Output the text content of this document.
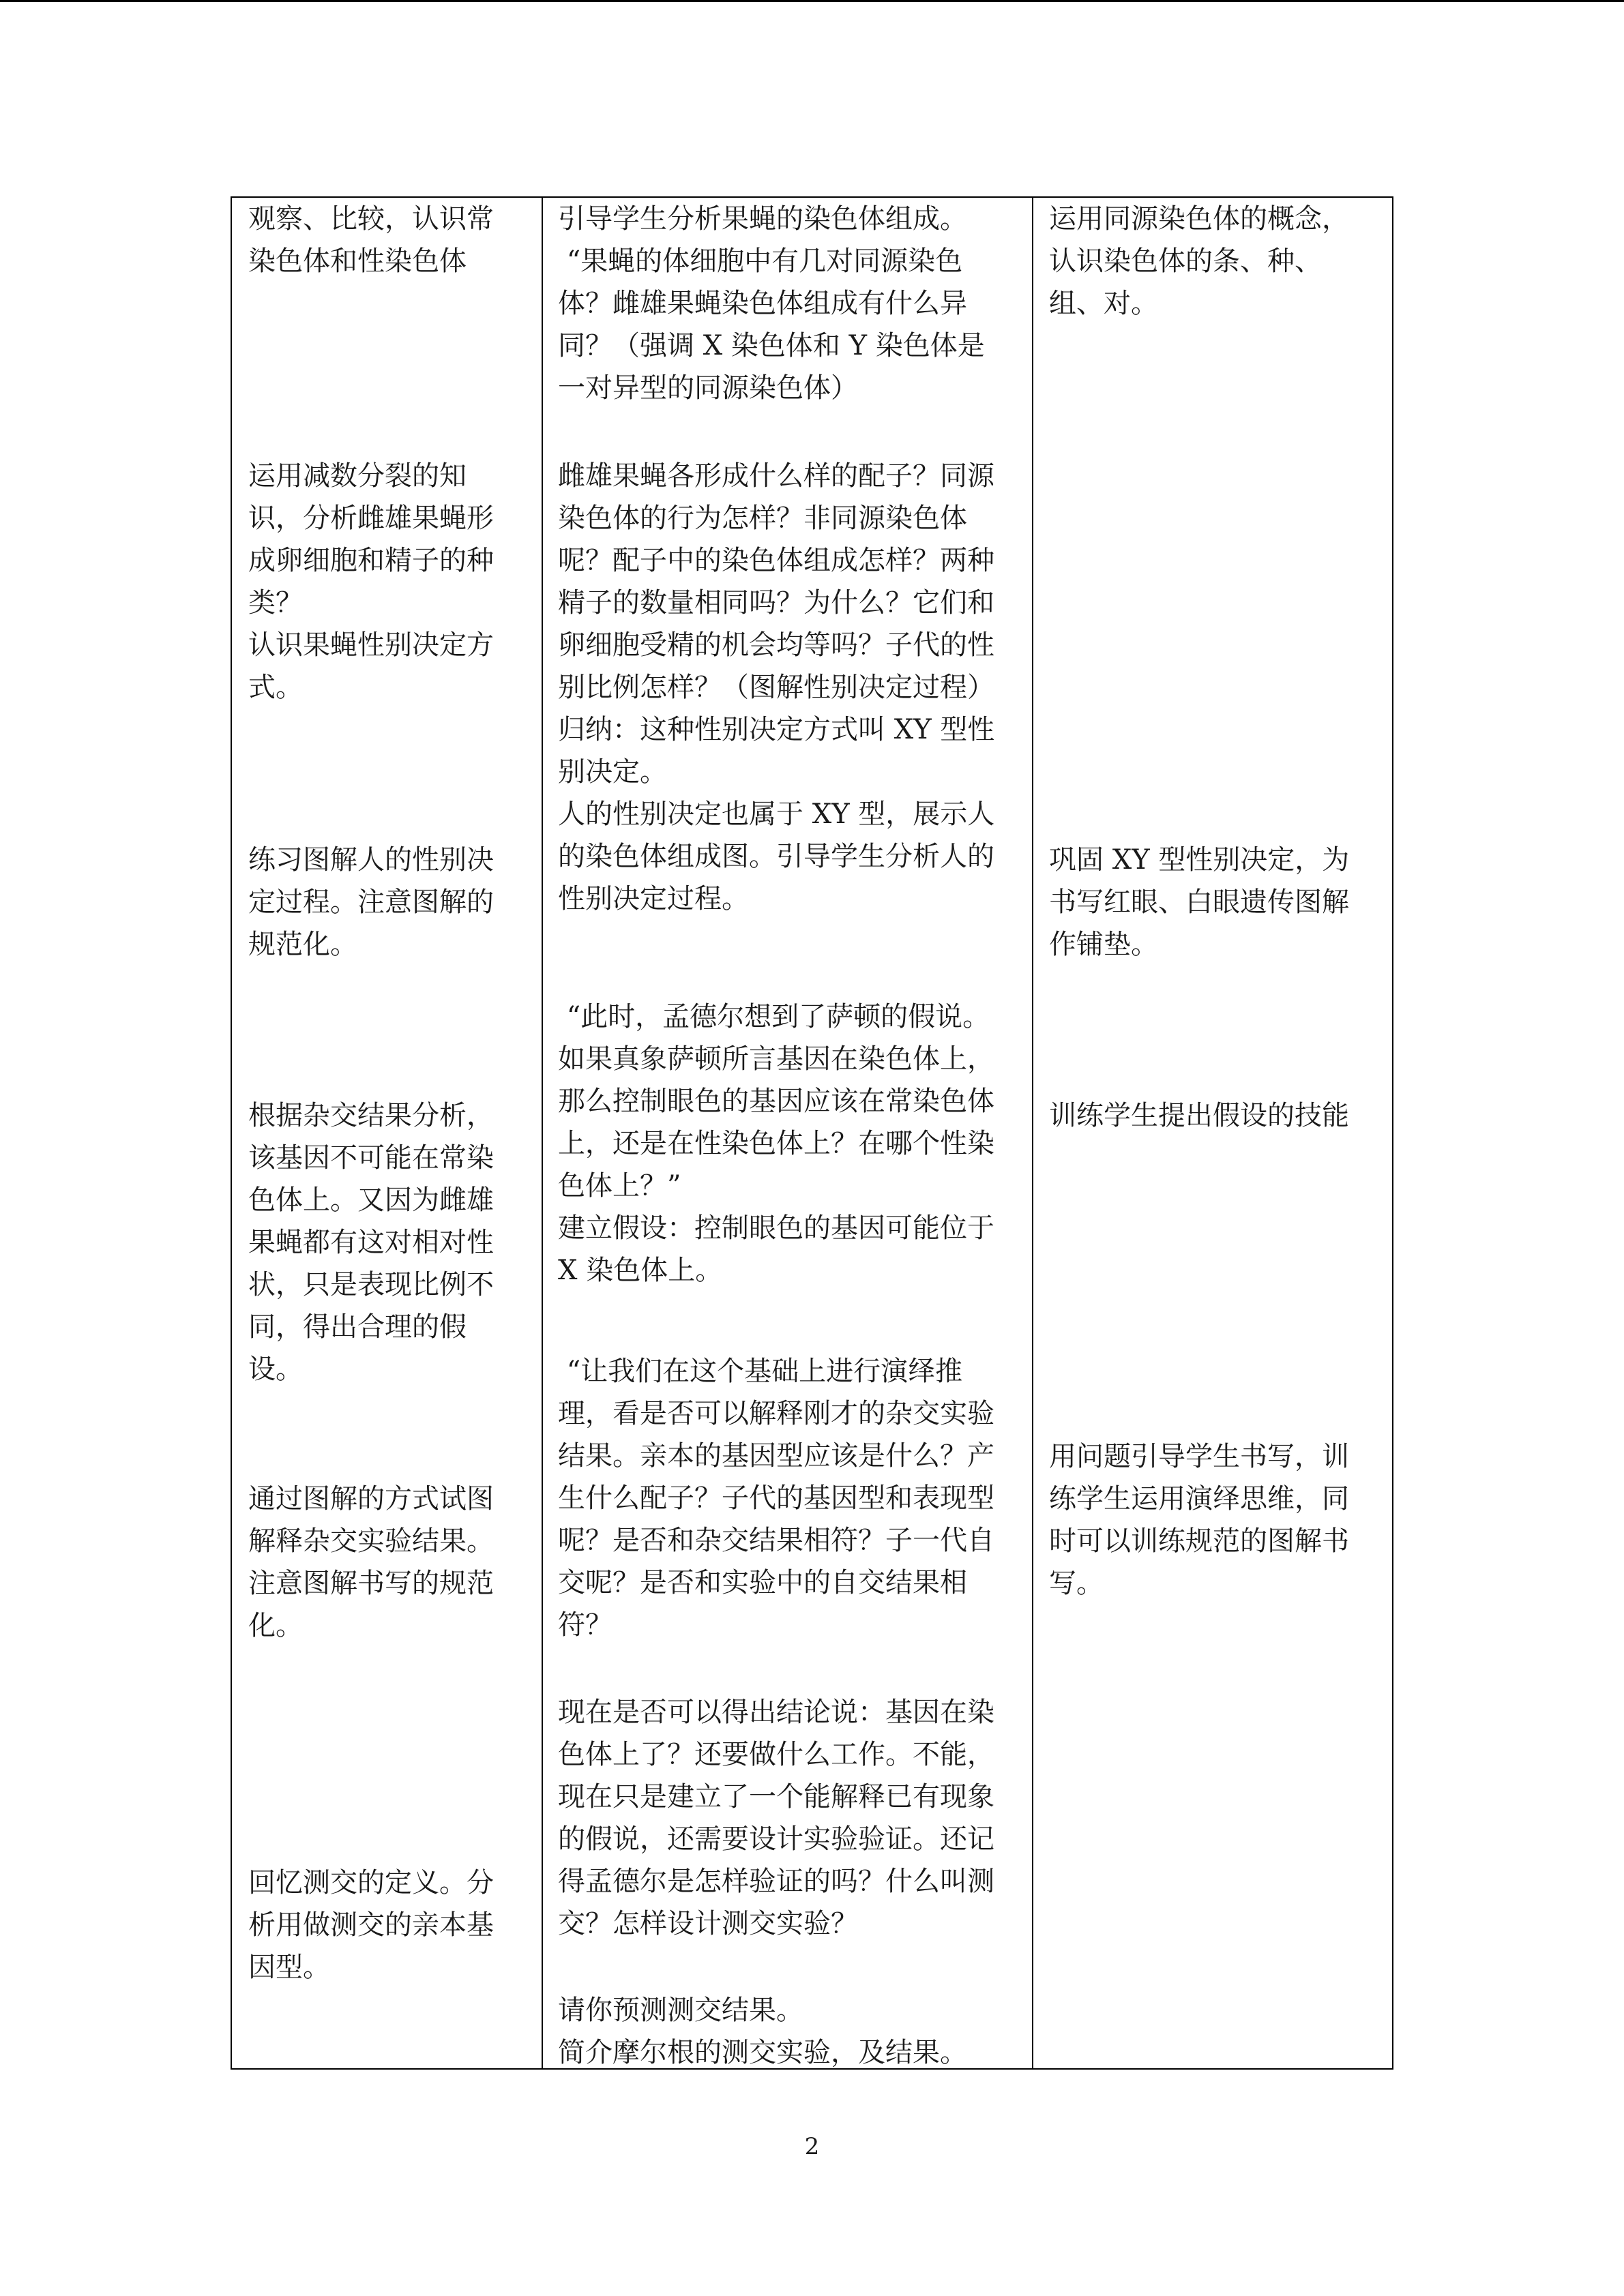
观察、比较，认识常
染色体和性染色体

运用减数分裂的知
识，分析雌雄果蝇形
成卵细胞和精子的种
类？
认识果蝇性别决定方
式。

练习图解人的性别决
定过程。注意图解的
规范化。

根据杂交结果分析，
该基因不可能在常染
色体上。又因为雌雄
果蝇都有这对相对性
状，只是表现比例不
同，得出合理的假
设。

通过图解的方式试图
解释杂交实验结果。
注意图解书写的规范
化。

回忆测交的定义。分
析用做测交的亲本基
因型。

引导学生分析果蝇的染色体组成。
“果蝇的体细胞中有几对同源染色
体？雌雄果蝇染色体组成有什么异
同？（强调 X 染色体和 Y 染色体是
一对异型的同源染色体）

雌雄果蝇各形成什么样的配子？同源
染色体的行为怎样？非同源染色体
呢？配子中的染色体组成怎样？两种
精子的数量相同吗？为什么？它们和
卵细胞受精的机会均等吗？子代的性
别比例怎样？（图解性别决定过程）
归纳：这种性别决定方式叫 XY 型性
别决定。
人的性别决定也属于 XY 型，展示人
的染色体组成图。引导学生分析人的
性别决定过程。

“此时，孟德尔想到了萨顿的假说。
如果真象萨顿所言基因在染色体上，
那么控制眼色的基因应该在常染色体
上，还是在性染色体上？在哪个性染
色体上？”
建立假设：控制眼色的基因可能位于
X 染色体上。

“让我们在这个基础上进行演绎推
理，看是否可以解释刚才的杂交实验
结果。亲本的基因型应该是什么？产
生什么配子？子代的基因型和表现型
呢？是否和杂交结果相符？子一代自
交呢？是否和实验中的自交结果相
符？

现在是否可以得出结论说：基因在染
色体上了？还要做什么工作。不能，
现在只是建立了一个能解释已有现象
的假说，还需要设计实验验证。还记
得孟德尔是怎样验证的吗？什么叫测
交？怎样设计测交实验？

请你预测测交结果。
简介摩尔根的测交实验，及结果。

运用同源染色体的概念，
认识染色体的条、种、
组、对。

巩固 XY 型性别决定，为
书写红眼、白眼遗传图解
作铺垫。

训练学生提出假设的技能

用问题引导学生书写，训
练学生运用演绎思维，同
时可以训练规范的图解书
写。

2
